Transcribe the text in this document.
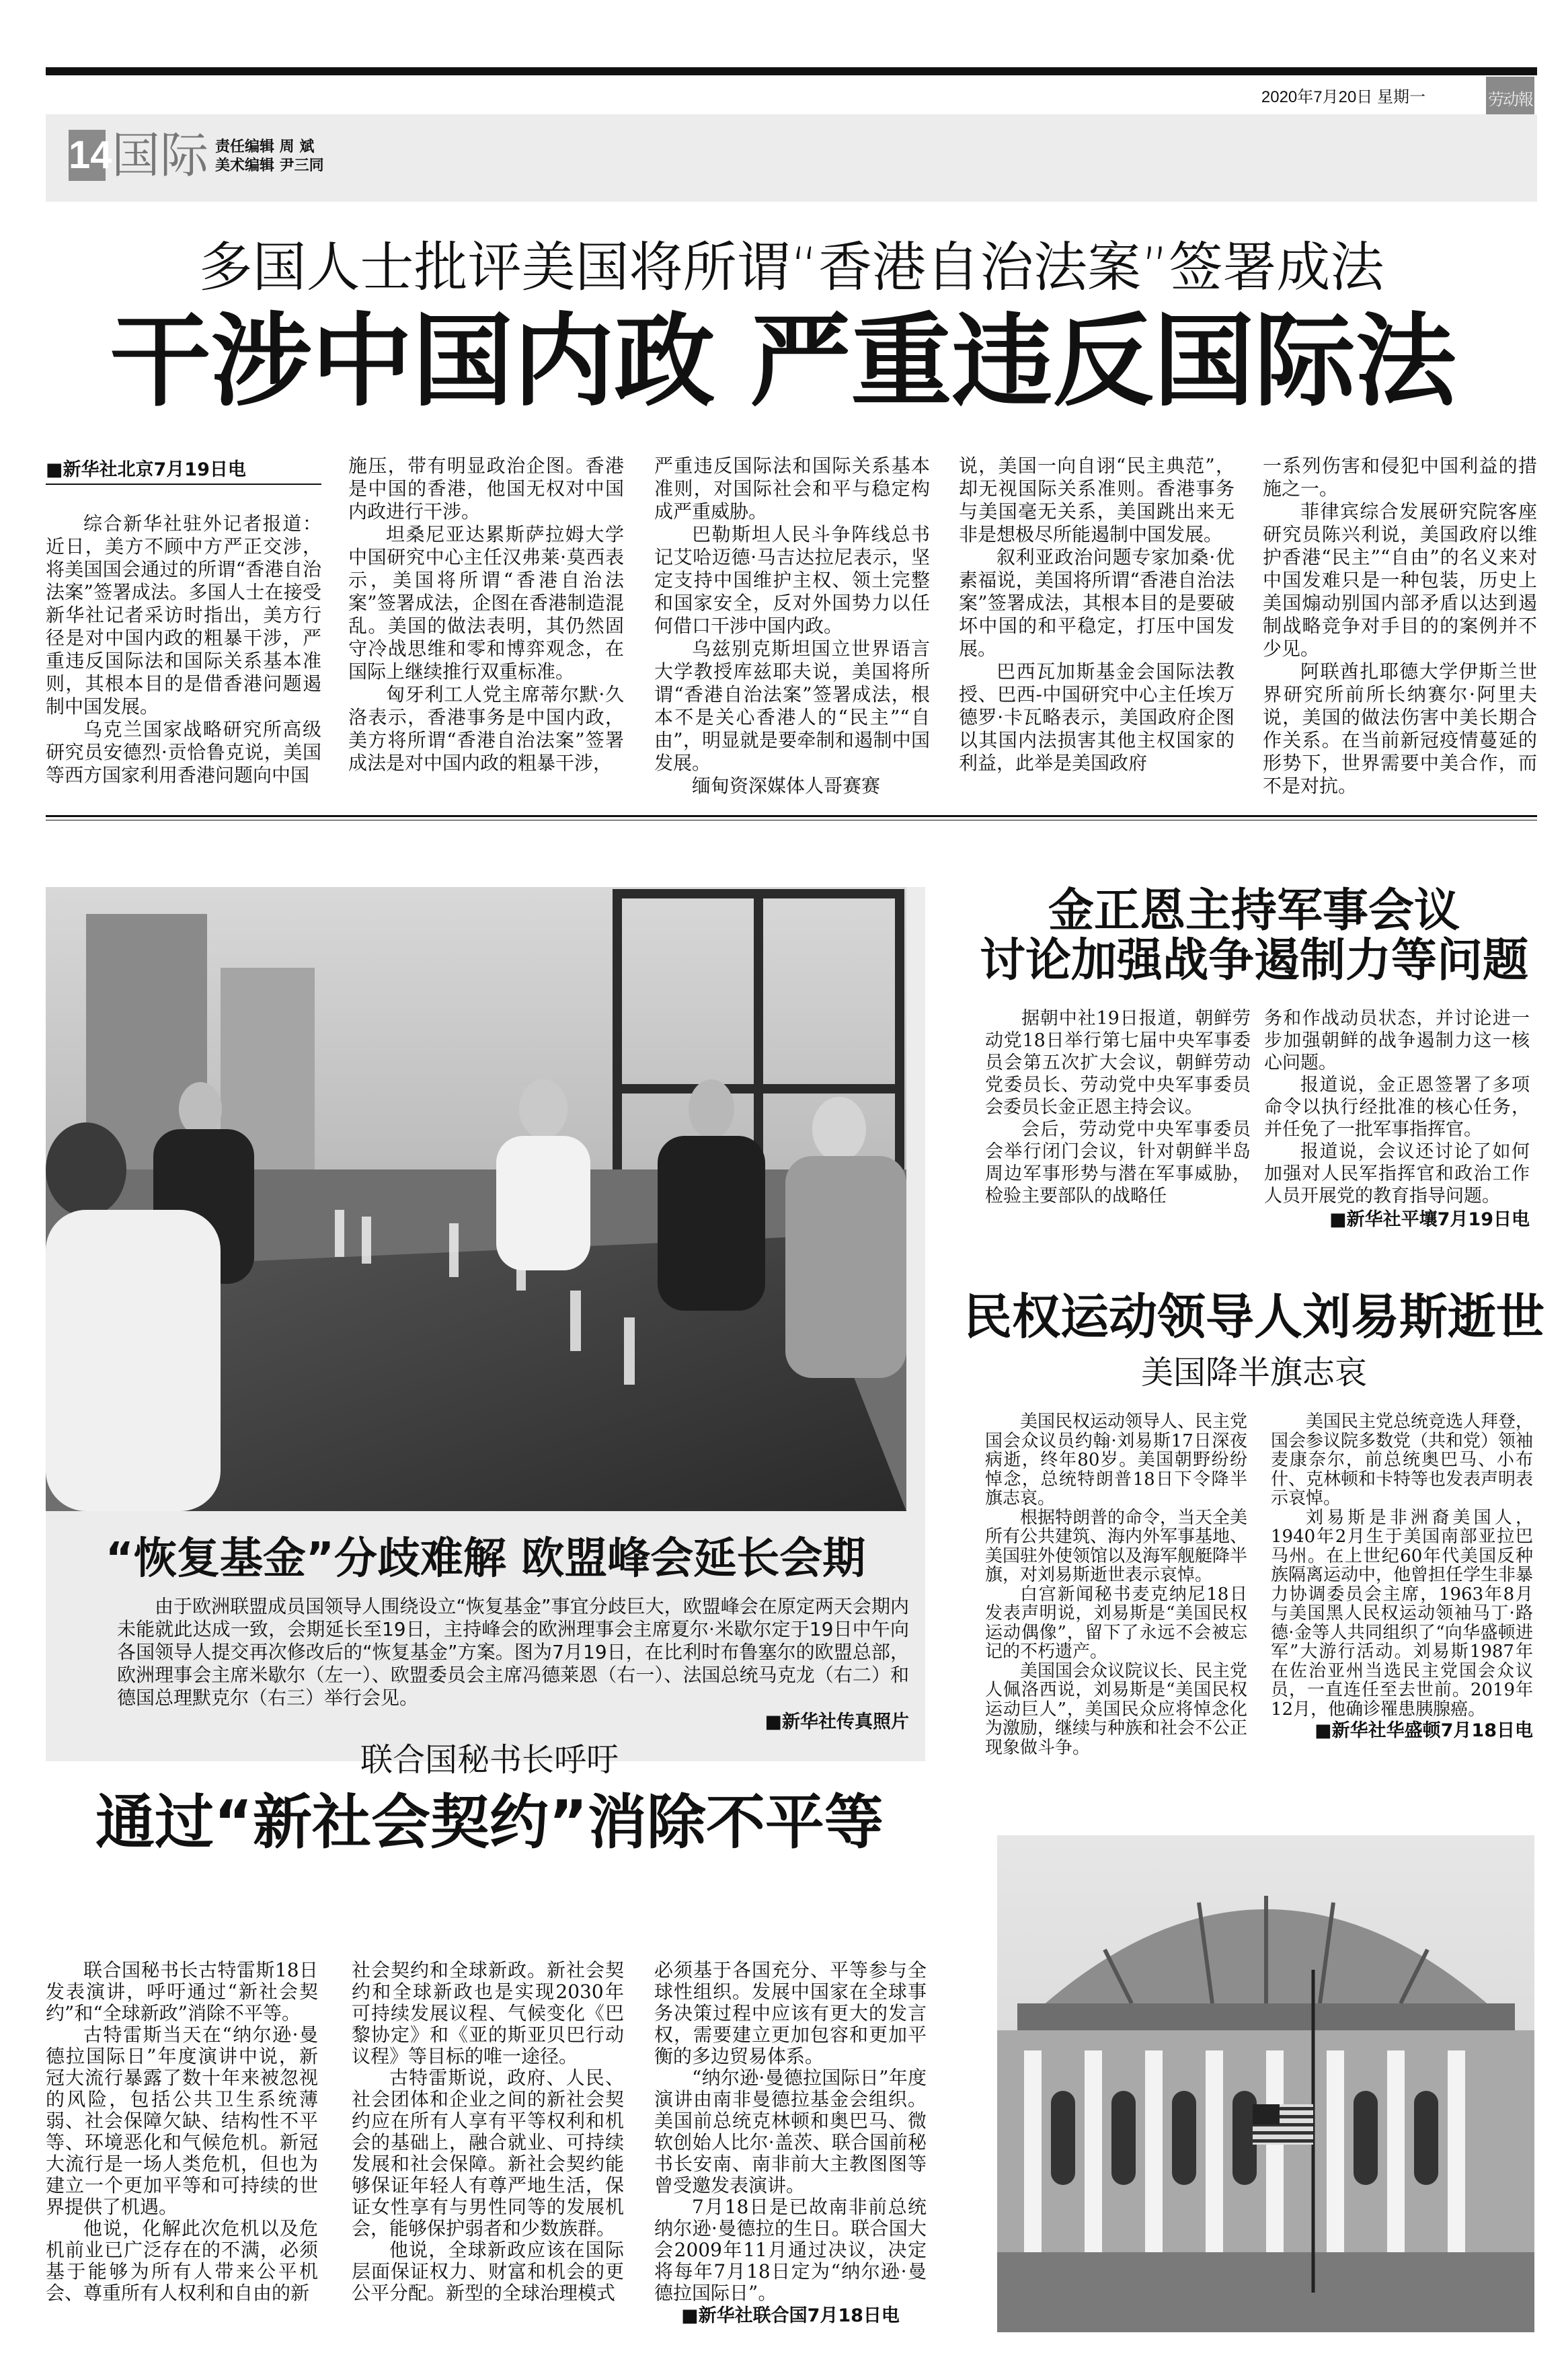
2020年7月20日 星期一	劳动報
14 国际 责任编辑 周 斌
美术编辑 尹三同
多国人士批评美国将所谓“香港自治法案”签署成法
干涉中国内政 严重违反国际法
■新华社北京7月19日电

综合新华社驻外记者报道：近日，美方不顾中方严正交涉，将美国国会通过的所谓“香港自治法案”签署成法。多国人士在接受新华社记者采访时指出，美方行径是对中国内政的粗暴干涉，严重违反国际法和国际关系基本准则，其根本目的是借香港问题遏制中国发展。

乌克兰国家战略研究所高级研究员安德烈·贡恰鲁克说，美国等西方国家利用香港问题向中国

施压，带有明显政治企图。香港是中国的香港，他国无权对中国内政进行干涉。

坦桑尼亚达累斯萨拉姆大学中国研究中心主任汉弗莱·莫西表示，美国将所谓“香港自治法案”签署成法，企图在香港制造混乱。美国的做法表明，其仍然固守冷战思维和零和博弈观念，在国际上继续推行双重标准。

匈牙利工人党主席蒂尔默·久洛表示，香港事务是中国内政，美方将所谓“香港自治法案”签署成法是对中国内政的粗暴干涉，

严重违反国际法和国际关系基本准则，对国际社会和平与稳定构成严重威胁。

巴勒斯坦人民斗争阵线总书记艾哈迈德·马吉达拉尼表示，坚定支持中国维护主权、领土完整和国家安全，反对外国势力以任何借口干涉中国内政。

乌兹别克斯坦国立世界语言大学教授库兹耶夫说，美国将所谓“香港自治法案”签署成法，根本不是关心香港人的“民主”“自由”，明显就是要牵制和遏制中国发展。

缅甸资深媒体人哥赛赛

说，美国一向自诩“民主典范”，却无视国际关系准则。香港事务与美国毫无关系，美国跳出来无非是想极尽所能遏制中国发展。

叙利亚政治问题专家加桑·优素福说，美国将所谓“香港自治法案”签署成法，其根本目的是要破坏中国的和平稳定，打压中国发展。

巴西瓦加斯基金会国际法教授、巴西-中国研究中心主任埃万德罗·卡瓦略表示，美国政府企图以其国内法损害其他主权国家的利益，此举是美国政府

一系列伤害和侵犯中国利益的措施之一。

菲律宾综合发展研究院客座研究员陈兴利说，美国政府以维护香港“民主”“自由”的名义来对中国发难只是一种包装，历史上美国煽动别国内部矛盾以达到遏制战略竞争对手目的的案例并不少见。

阿联酋扎耶德大学伊斯兰世界研究所前所长纳赛尔·阿里夫说，美国的做法伤害中美长期合作关系。在当前新冠疫情蔓延的形势下，世界需要中美合作，而不是对抗。

“恢复基金”分歧难解 欧盟峰会延长会期

由于欧洲联盟成员国领导人围绕设立“恢复基金”事宜分歧巨大，欧盟峰会在原定两天会期内未能就此达成一致，会期延长至19日，主持峰会的欧洲理事会主席夏尔·米歇尔定于19日中午向各国领导人提交再次修改后的“恢复基金”方案。图为7月19日，在比利时布鲁塞尔的欧盟总部，欧洲理事会主席米歇尔（左一）、欧盟委员会主席冯德莱恩（右一）、法国总统马克龙（右二）和德国总理默克尔（右三）举行会见。

■新华社传真照片
金正恩主持军事会议
讨论加强战争遏制力等问题

据朝中社19日报道，朝鲜劳动党18日举行第七届中央军事委员会第五次扩大会议，朝鲜劳动党委员长、劳动党中央军事委员会委员长金正恩主持会议。

会后，劳动党中央军事委员会举行闭门会议，针对朝鲜半岛周边军事形势与潜在军事威胁，检验主要部队的战略任

务和作战动员状态，并讨论进一步加强朝鲜的战争遏制力这一核心问题。

报道说，金正恩签署了多项命令以执行经批准的核心任务，并任免了一批军事指挥官。

报道说，会议还讨论了如何加强对人民军指挥官和政治工作人员开展党的教育指导问题。

■新华社平壤7月19日电
民权运动领导人刘易斯逝世
美国降半旗志哀

美国民权运动领导人、民主党国会众议员约翰·刘易斯17日深夜病逝，终年80岁。美国朝野纷纷悼念，总统特朗普18日下令降半旗志哀。

根据特朗普的命令，当天全美所有公共建筑、海内外军事基地、美国驻外使领馆以及海军舰艇降半旗，对刘易斯逝世表示哀悼。

白宫新闻秘书麦克纳尼18日发表声明说，刘易斯是“美国民权运动偶像”，留下了永远不会被忘记的不朽遗产。

美国国会众议院议长、民主党人佩洛西说，刘易斯是“美国民权运动巨人”，美国民众应将悼念化为激励，继续与种族和社会不公正现象做斗争。

美国民主党总统竞选人拜登，国会参议院多数党（共和党）领袖麦康奈尔，前总统奥巴马、小布什、克林顿和卡特等也发表声明表示哀悼。

刘易斯是非洲裔美国人，1940年2月生于美国南部亚拉巴马州。在上世纪60年代美国反种族隔离运动中，他曾担任学生非暴力协调委员会主席，1963年8月与美国黑人民权运动领袖马丁·路德·金等人共同组织了“向华盛顿进军”大游行活动。刘易斯1987年在佐治亚州当选民主党国会众议员，一直连任至去世前。2019年12月，他确诊罹患胰腺癌。

■新华社华盛顿7月18日电
联合国秘书长呼吁
通过“新社会契约”消除不平等

联合国秘书长古特雷斯18日发表演讲，呼吁通过“新社会契约”和“全球新政”消除不平等。

古特雷斯当天在“纳尔逊·曼德拉国际日”年度演讲中说，新冠大流行暴露了数十年来被忽视的风险，包括公共卫生系统薄弱、社会保障欠缺、结构性不平等、环境恶化和气候危机。新冠大流行是一场人类危机，但也为建立一个更加平等和可持续的世界提供了机遇。

他说，化解此次危机以及危机前业已广泛存在的不满，必须基于能够为所有人带来公平机会、尊重所有人权利和自由的新

社会契约和全球新政。新社会契约和全球新政也是实现2030年可持续发展议程、气候变化《巴黎协定》和《亚的斯亚贝巴行动议程》等目标的唯一途径。

古特雷斯说，政府、人民、社会团体和企业之间的新社会契约应在所有人享有平等权利和机会的基础上，融合就业、可持续发展和社会保障。新社会契约能够保证年轻人有尊严地生活，保证女性享有与男性同等的发展机会，能够保护弱者和少数族群。

他说，全球新政应该在国际层面保证权力、财富和机会的更公平分配。新型的全球治理模式

必须基于各国充分、平等参与全球性组织。发展中国家在全球事务决策过程中应该有更大的发言权，需要建立更加包容和更加平衡的多边贸易体系。

“纳尔逊·曼德拉国际日”年度演讲由南非曼德拉基金会组织。美国前总统克林顿和奥巴马、微软创始人比尔·盖茨、联合国前秘书长安南、南非前大主教图图等曾受邀发表演讲。

7月18日是已故南非前总统纳尔逊·曼德拉的生日。联合国大会2009年11月通过决议，决定将每年7月18日定为“纳尔逊·曼德拉国际日”。

■新华社联合国7月18日电
